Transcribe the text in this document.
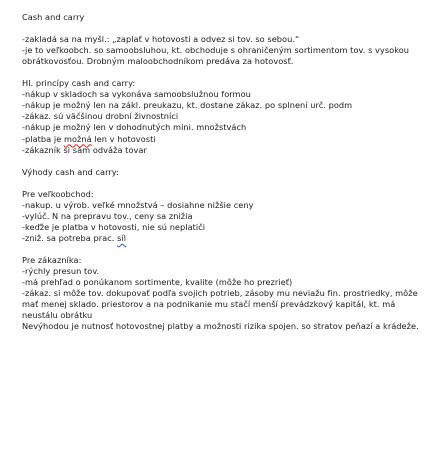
Cash and carry
-zakladá sa na myšl.: „zaplať v hotovosti a odvez si tov. so sebou.“
-je to veľkoobch. so samoobsluhou, kt. obchoduje s ohraničeným sortimentom tov. s vysokou obrátkovosťou. Drobným maloobchodníkom predáva za hotovosť.
Hl. princípy cash and carry:
-nákup v skladoch sa vykonáva samoobslužnou formou
-nákup je možný len na zákl. preukazu, kt. dostane zákaz. po splnení urč. podm
-zákaz. sú väčšinou drobní živnostníci
-nákup je možný len v dohodnutých mini. množstvách
-platba je možná len v hotovosti
-zákazník si sám odváža tovar
Výhody cash and carry:
Pre veľkoobchod:
-nakup. u výrob. veľké množstvá – dosiahne nižšie ceny
-vylúč. N na prepravu tov., ceny sa znižia
-keďže je platba v hotovosti, nie sú neplatiči
-zniž. sa potreba prac. síl
Pre zákazníka:
-rýchly presun tov.
-má prehľad o ponúkanom sortimente, kvalite (môže ho prezrieť)
-zákaz. si môže tov. dokupovať podľa svojich potrieb, zásoby mu neviažu fin. prostriedky, môže mať menej sklado. priestorov a na podnikanie mu stačí menší prevádzkový kapitál, kt. má neustálu obrátku
Nevýhodou je nutnosť hotovostnej platby a možnosti rizika spojen. so stratov peňazí a krádeže.
